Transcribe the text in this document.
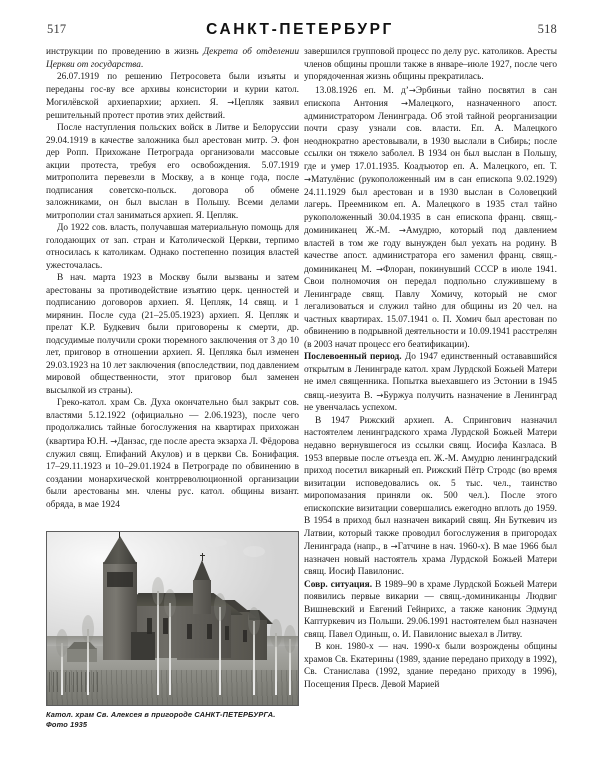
517	САНКТ-ПЕТЕРБУРГ	518

инструкции по проведению в жизнь Декрета об отделении Церкви от государства.

26.07.1919 по решению Петросовета были изъяты и переданы гос-ву все архивы консистории и курии катол. Могилёвской архиепархии; архиеп. Я. →Цепляк заявил решительный протест против этих действий.

После наступления польских войск в Литве и Белоруссии 29.04.1919 в качестве заложника был арестован митр. Э. фон дер Ропп. Прихожане Петрограда организовали массовые акции протеста, требуя его освобождения. 5.07.1919 митрополита перевезли в Москву, а в конце года, после подписания советско-польск. договора об обмене заложниками, он был выслан в Польшу. Всеми делами митрополии стал заниматься архиеп. Я. Цепляк.

До 1922 сов. власть, получавшая материальную помощь для голодающих от зап. стран и Католической Церкви, терпимо относилась к католикам. Однако постепенно позиция властей ужесточалась.

В нач. марта 1923 в Москву были вызваны и затем арестованы за противодействие изъятию церк. ценностей и подписанию договоров архиеп. Я. Цепляк, 14 свящ. и 1 мирянин. После суда (21–25.05.1923) архиеп. Я. Цепляк и прелат К.Р. Будкевич были приговорены к смерти, др. подсудимые получили сроки тюремного заключения от 3 до 10 лет, приговор в отношении архиеп. Я. Цепляка был изменен 29.03.1923 на 10 лет заключения (впоследствии, под давлением мировой общественности, этот приговор был заменен высылкой из страны).

Греко-катол. храм Св. Духа окончательно был закрыт сов. властями 5.12.1922 (официально — 2.06.1923), после чего продолжались тайные богослужения на квартирах прихожан (квартира Ю.Н. →Данзас, где после ареста экзарха Л. Фёдорова служил свящ. Епифаний Акулов) и в церкви Св. Бонифация. 17–29.11.1923 и 10–29.01.1924 в Петрограде по обвинению в создании монархической контрреволюционной организации были арестованы мн. члены рус. катол. общины визант. обряда, в мае 1924

завершился групповой процесс по делу рус. католиков. Аресты членов общины прошли также в январе–июле 1927, после чего упорядоченная жизнь общины прекратилась.

13.08.1926 еп. М. д’→Эрбиньи тайно посвятил в сан епископа Антония →Малецкого, назначенного апост. администратором Ленинграда. Об этой тайной реорганизации почти сразу узнали сов. власти. Еп. А. Малецкого неоднократно арестовывали, в 1930 выслали в Сибирь; после ссылки он тяжело заболел. В 1934 он был выслан в Польшу, где и умер 17.01.1935. Коадъютор еп. А. Малецкого, еп. Т. →Матулёнис (рукоположенный им в сан епископа 9.02.1929) 24.11.1929 был арестован и в 1930 выслан в Соловецкий лагерь. Преемником еп. А. Малецкого в 1935 стал тайно рукоположенный 30.04.1935 в сан епископа франц. свящ.-доминиканец Ж.-М. →Амудрю, который под давлением властей в том же году вынужден был уехать на родину. В качестве апост. администратора его заменил франц. свящ.-доминиканец М. →Флоран, покинувший СССР в июле 1941. Свои полномочия он передал подпольно служившему в Ленинграде свящ. Павлу Хомичу, который не смог легализоваться и служил тайно для общины из 20 чел. на частных квартирах. 15.07.1941 о. П. Хомич был арестован по обвинению в подрывной деятельности и 10.09.1941 расстрелян (в 2003 начат процесс его беатификации).

Послевоенный период. До 1947 единственный остававшийся открытым в Ленинграде катол. храм Лурдской Божьей Матери не имел священника. Попытка выехавшего из Эстонии в 1945 свящ.-иезуита В. →Буржуа получить назначение в Ленинград не увенчалась успехом.

В 1947 Рижский архиеп. А. Спрингович назначил настоятелем ленинградского храма Лурдской Божьей Матери недавно вернувшегося из ссылки свящ. Иосифа Казласа. В 1953 впервые после отъезда еп. Ж.-М. Амудрю ленинградский приход посетил викарный еп. Рижский Пётр Стродс (во время визитации исповедовались ок. 5 тыс. чел., таинство миропомазания приняли ок. 500 чел.). После этого епископские визитации совершались ежегодно вплоть до 1959. В 1954 в приход был назначен викарий свящ. Ян Буткевич из Латвии, который также проводил богослужения в пригородах Ленинграда (напр., в →Гатчине в нач. 1960-х). В мае 1966 был назначен новый настоятель храма Лурдской Божьей Матери свящ. Иосиф Павилонис.

Совр. ситуация. В 1989–90 в храме Лурдской Божьей Матери появились первые викарии — свящ.-доминиканцы Людвиг Вишневский и Евгений Гейнрихс, а также каноник Эдмунд Каптуркевич из Польши. 29.06.1991 настоятелем был назначен свящ. Павел Одиньш, о. И. Павилонис выехал в Литву.

В кон. 1980-х — нач. 1990-х были возрождены общины храмов Св. Екатерины (1989, здание передано приходу в 1992), Св. Станислава (1992, здание передано приходу в 1996), Посещения Пресв. Девой Марией

Катол. храм Св. Алексея в пригороде САНКТ-ПЕТЕРБУРГА. Фото 1935
